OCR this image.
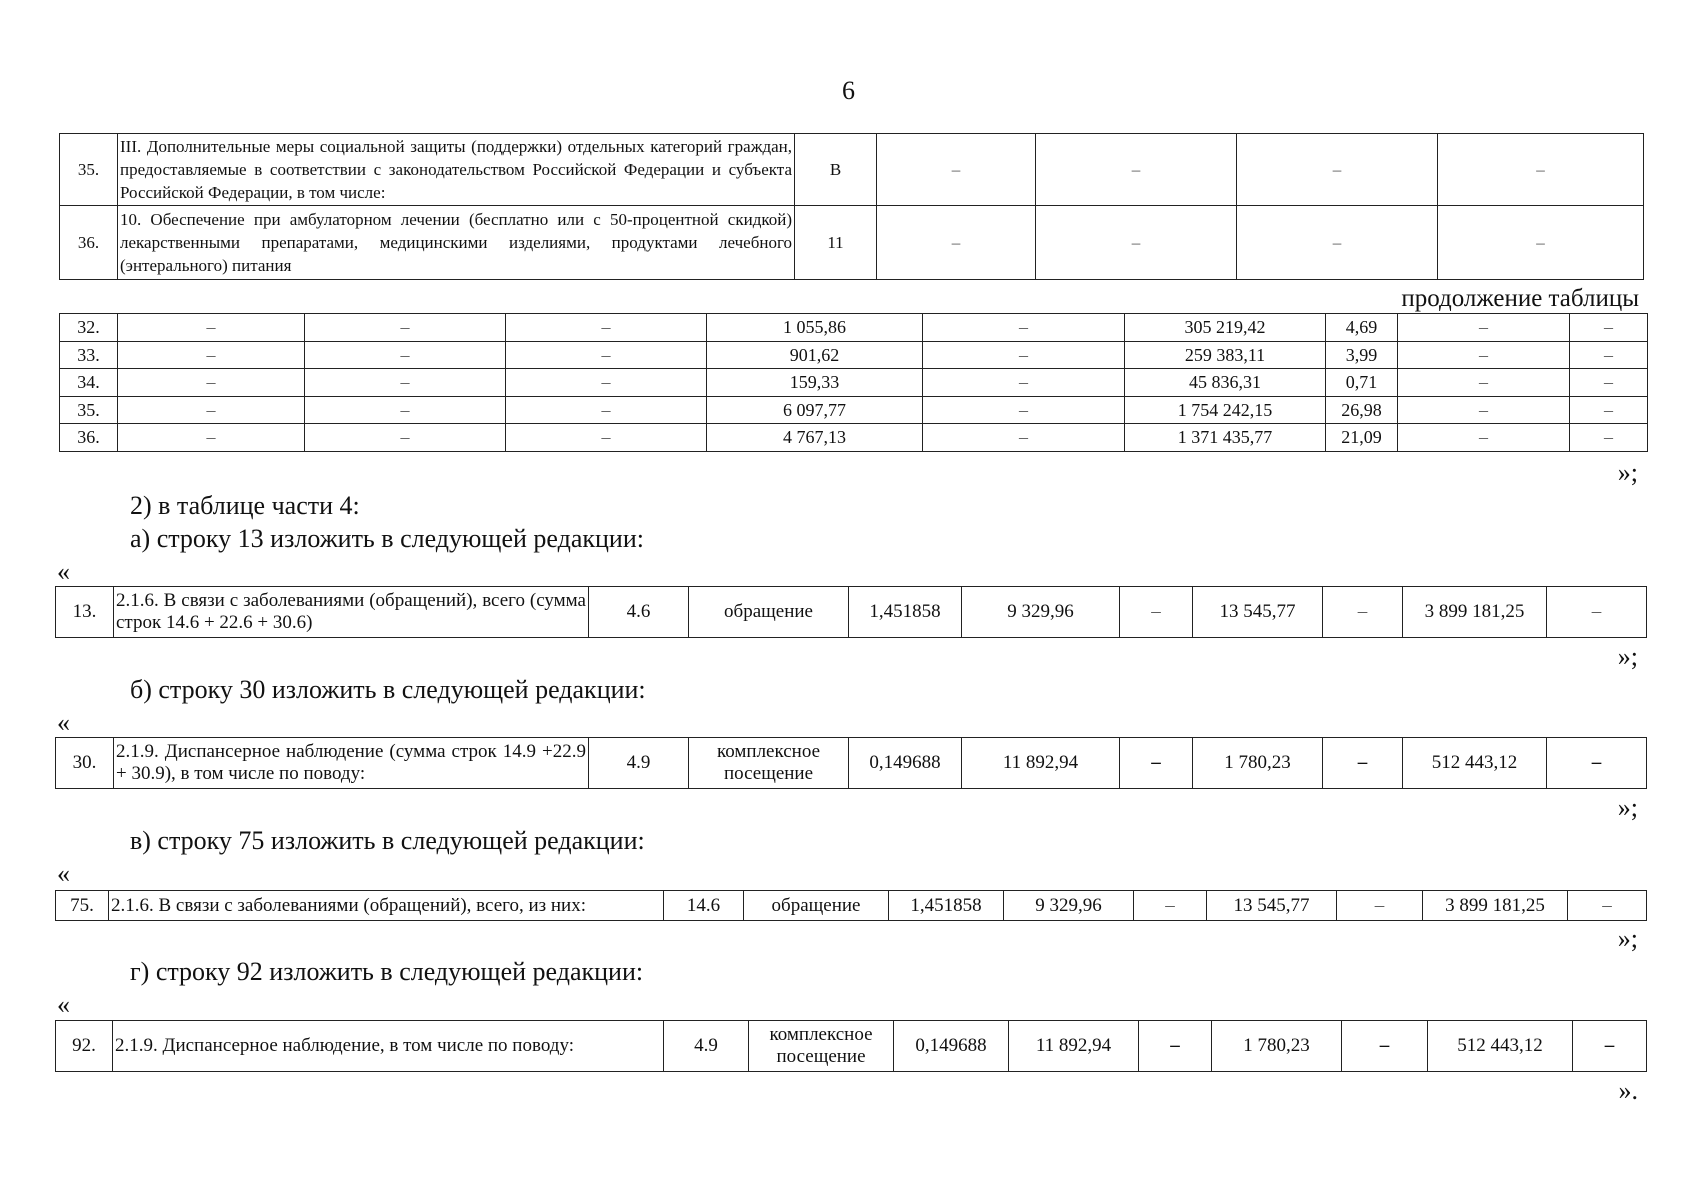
6
35.	III. Дополнительные меры социальной защиты (поддержки) отдельных категорий граждан, предоставляемые в соответствии с законодательством Российской Федерации и субъекта Российской Федерации, в том числе:	В	–	–	–	–
36.	10. Обеспечение при амбулаторном лечении (бесплатно или с 50-процентной скидкой) лекарственными препаратами, медицинскими изделиями, продуктами лечебного (энтерального) питания	11	–	–	–	–
продолжение таблицы
32.	–	–	–	1 055,86	–	305 219,42	4,69	–	–
33.	–	–	–	901,62	–	259 383,11	3,99	–	–
34.	–	–	–	159,33	–	45 836,31	0,71	–	–
35.	–	–	–	6 097,77	–	1 754 242,15	26,98	–	–
36.	–	–	–	4 767,13	–	1 371 435,77	21,09	–	–
»;
2) в таблице части 4:
а) строку 13 изложить в следующей редакции:
«
13.	2.1.6. В связи с заболеваниями (обращений), всего (сумма строк 14.6 + 22.6 + 30.6)	4.6	обращение	1,451858	9 329,96	–	13 545,77	–	3 899 181,25	–
»;
б) строку 30 изложить в следующей редакции:
«
30.	2.1.9. Диспансерное наблюдение (сумма строк 14.9 +22.9 + 30.9), в том числе по поводу:	4.9	комплексное посещение	0,149688	11 892,94	–	1 780,23	–	512 443,12	–
»;
в) строку 75 изложить в следующей редакции:
«
75.	2.1.6. В связи с заболеваниями (обращений), всего, из них:	14.6	обращение	1,451858	9 329,96	–	13 545,77	–	3 899 181,25	–
»;
г) строку 92 изложить в следующей редакции:
«
92.	2.1.9. Диспансерное наблюдение, в том числе по поводу:	4.9	комплексное посещение	0,149688	11 892,94	–	1 780,23	–	512 443,12	–
».
